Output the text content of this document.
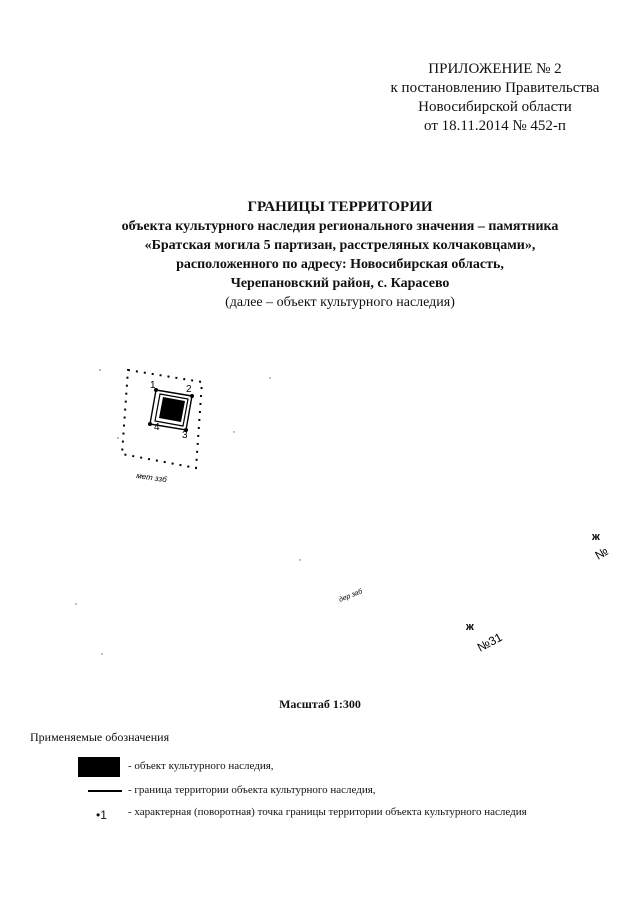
ПРИЛОЖЕНИЕ № 2
к постановлению Правительства
Новосибирской области
от 18.11.2014 № 452-п
ГРАНИЦЫ ТЕРРИТОРИИ
объекта культурного наследия регионального значения – памятника
«Братская могила 5 партизан, расстреляных колчаковцами»,
расположенного по адресу: Новосибирская область,
Черепановский район, с. Карасево
(далее – объект культурного наследия)
1	2
3
4
мет ззб
дер заб
ж
№
ж
№31
Масштаб 1:300
Применяемые обозначения
- объект культурного наследия,
- граница территории объекта культурного наследия,
•1 - характерная (поворотная) точка границы территории объекта культурного наследия
